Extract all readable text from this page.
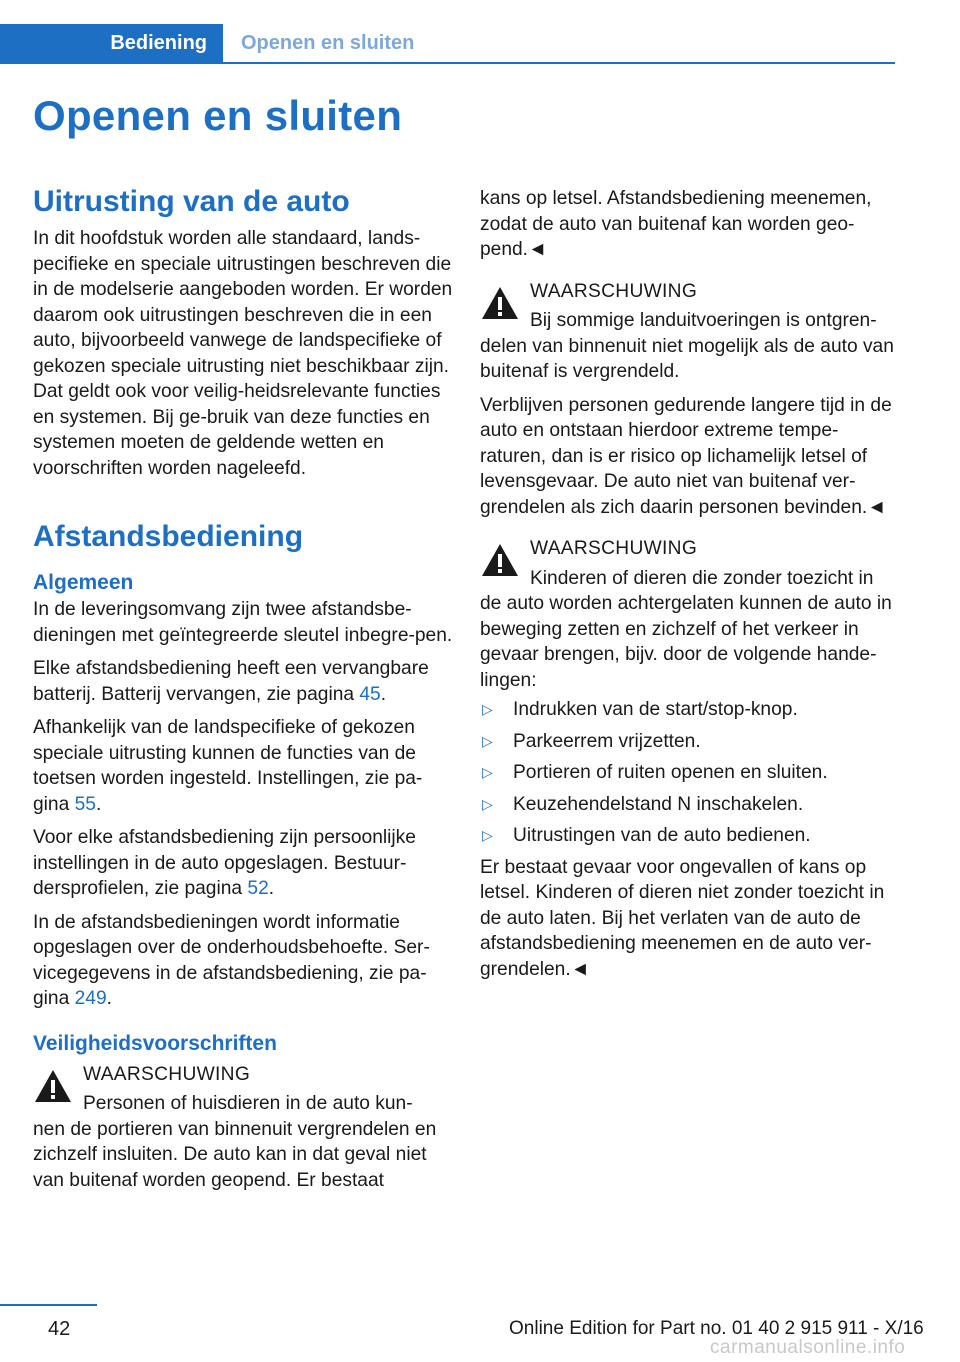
Bediening	Openen en sluiten
Openen en sluiten
Uitrusting van de auto

In dit hoofdstuk worden alle standaard, lands-pecifieke en speciale uitrustingen beschreven die in de modelserie aangeboden worden. Er worden daarom ook uitrustingen beschreven die in een auto, bijvoorbeeld vanwege de landspecifieke of gekozen speciale uitrusting niet beschikbaar zijn. Dat geldt ook voor veilig-heidsrelevante functies en systemen. Bij ge-bruik van deze functies en systemen moeten de geldende wetten en voorschriften worden nageleefd.

Afstandsbediening
Algemeen

In de leveringsomvang zijn twee afstandsbe-dieningen met geïntegreerde sleutel inbegre-pen.

Elke afstandsbediening heeft een vervangbare batterij. Batterij vervangen, zie pagina 45.

Afhankelijk van de landspecifieke of gekozen speciale uitrusting kunnen de functies van de toetsen worden ingesteld. Instellingen, zie pa-gina 55.

Voor elke afstandsbediening zijn persoonlijke instellingen in de auto opgeslagen. Bestuur-dersprofielen, zie pagina 52.

In de afstandsbedieningen wordt informatie opgeslagen over de onderhoudsbehoefte. Ser-vicegegevens in de afstandsbediening, zie pa-gina 249.

Veiligheidsvoorschriften
WAARSCHUWING
Personen of huisdieren in de auto kun-
nen de portieren van binnenuit vergrendelen en zichzelf insluiten. De auto kan in dat geval niet van buitenaf worden geopend. Er bestaat

kans op letsel. Afstandsbediening meenemen, zodat de auto van buitenaf kan worden geo-pend.◄

WAARSCHUWING
Bij sommige landuitvoeringen is ontgren-
delen van binnenuit niet mogelijk als de auto van buitenaf is vergrendeld.

Verblijven personen gedurende langere tijd in de auto en ontstaan hierdoor extreme tempe-raturen, dan is er risico op lichamelijk letsel of levensgevaar. De auto niet van buitenaf ver-grendelen als zich daarin personen bevinden.◄

WAARSCHUWING
Kinderen of dieren die zonder toezicht in
de auto worden achtergelaten kunnen de auto in beweging zetten en zichzelf of het verkeer in gevaar brengen, bijv. door de volgende hande-lingen:
▷ Indrukken van de start/stop-knop.
▷ Parkeerrem vrijzetten.
▷ Portieren of ruiten openen en sluiten.
▷ Keuzehendelstand N inschakelen.
▷ Uitrustingen van de auto bedienen.

Er bestaat gevaar voor ongevallen of kans op letsel. Kinderen of dieren niet zonder toezicht in de auto laten. Bij het verlaten van de auto de afstandsbediening meenemen en de auto ver-grendelen.◄

42	Online Edition for Part no. 01 40 2 915 911 - X/16
carmanualsonline.info
